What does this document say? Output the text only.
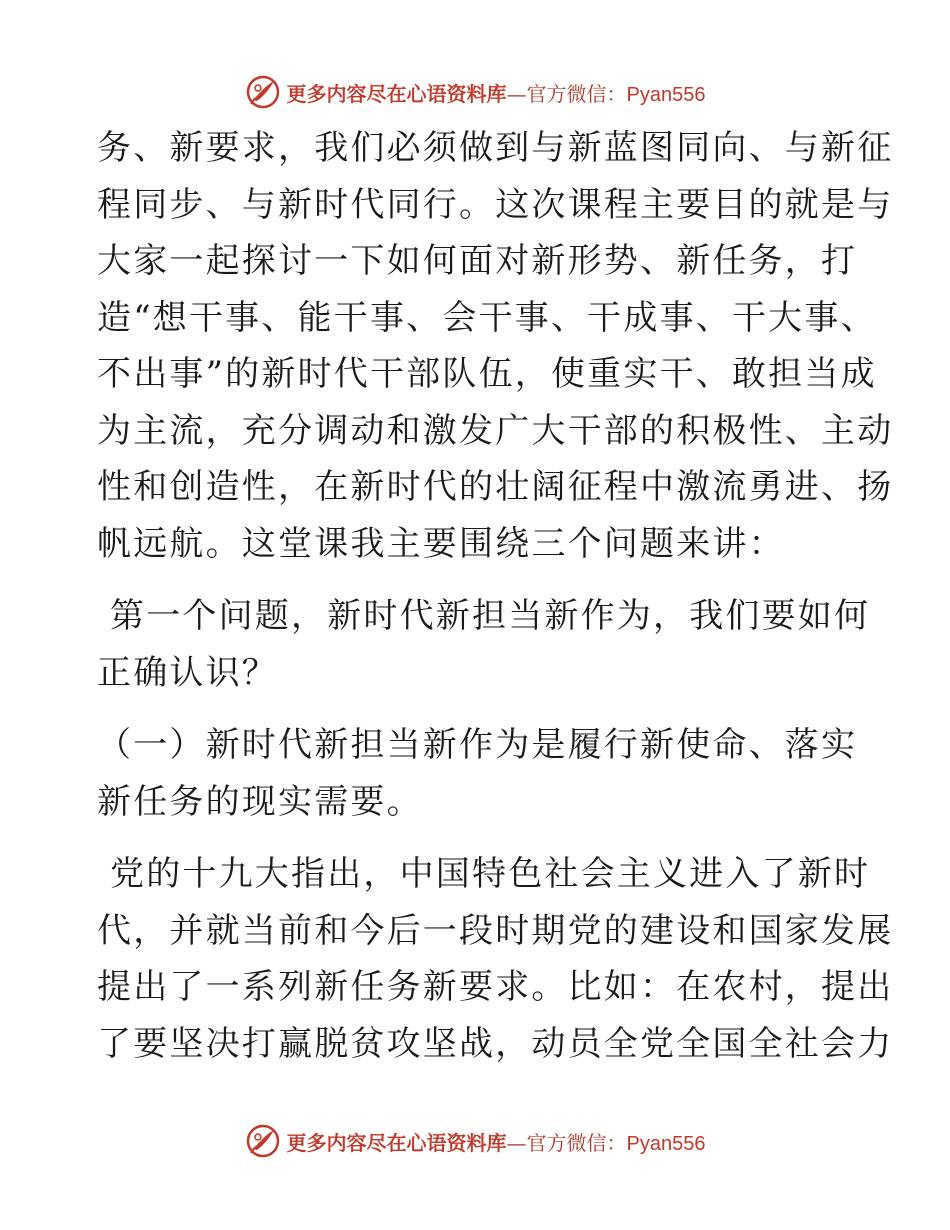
更多内容尽在心语资料库—官方微信：Pyan556
务、新要求，我们必须做到与新蓝图同向、与新征
程同步、与新时代同行。这次课程主要目的就是与
大家一起探讨一下如何面对新形势、新任务，打
造“想干事、能干事、会干事、干成事、干大事、
不出事”的新时代干部队伍，使重实干、敢担当成
为主流，充分调动和激发广大干部的积极性、主动
性和创造性，在新时代的壮阔征程中激流勇进、扬
帆远航。这堂课我主要围绕三个问题来讲：
第一个问题，新时代新担当新作为，我们要如何
正确认识？
（一）新时代新担当新作为是履行新使命、落实
新任务的现实需要。
党的十九大指出，中国特色社会主义进入了新时
代，并就当前和今后一段时期党的建设和国家发展
提出了一系列新任务新要求。比如：在农村，提出
了要坚决打赢脱贫攻坚战，动员全党全国全社会力
更多内容尽在心语资料库—官方微信：Pyan556
